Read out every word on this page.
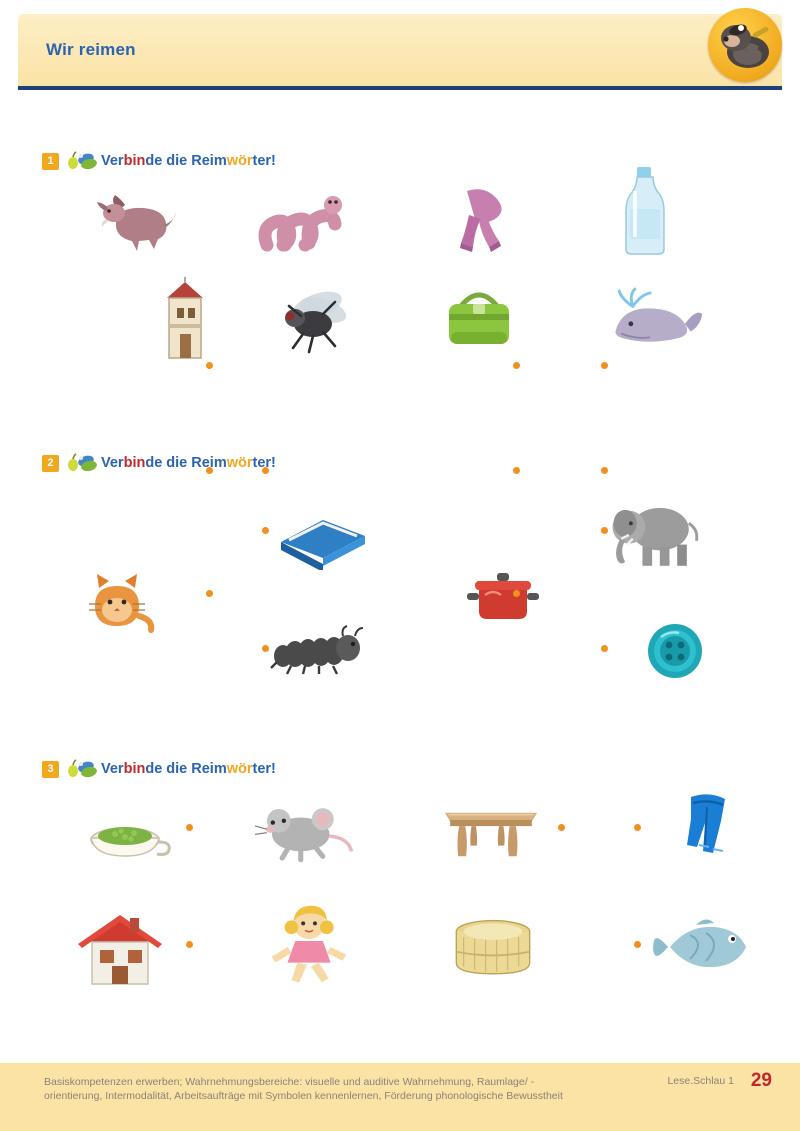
Wir reimen
1	Verbinde die Reimwörter!
2	Verbinde die Reimwörter!
3	Verbinde die Reimwörter!
Basiskompetenzen erwerben; Wahrnehmungsbereiche: visuelle und auditive Wahrnehmung, Raumlage/ -orientierung, Intermodalität, Arbeitsaufträge mit Symbolen kennenlernen, Förderung phonologische Bewusstheit
Lese.Schlau 1 29
